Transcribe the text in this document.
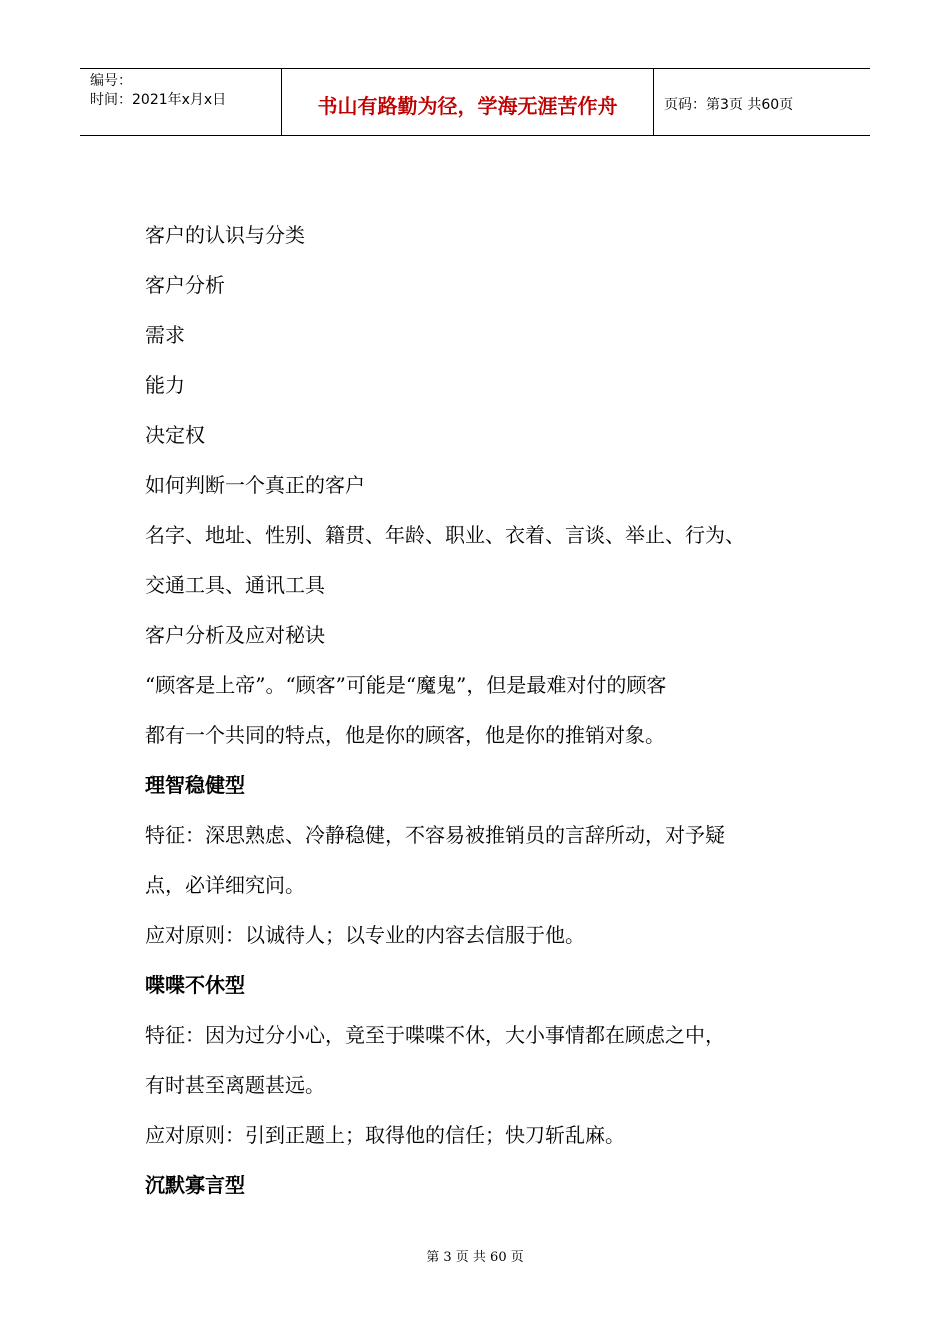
编号：
时间：2021年x月x日	书山有路勤为径，学海无涯苦作舟	页码：第3页 共60页
客户的认识与分类
客户分析
需求
能力
决定权
如何判断一个真正的客户
名字、地址、性别、籍贯、年龄、职业、衣着、言谈、举止、行为、
交通工具、通讯工具
客户分析及应对秘诀
“顾客是上帝”。“顾客”可能是“魔鬼”，但是最难对付的顾客
都有一个共同的特点，他是你的顾客，他是你的推销对象。
理智稳健型
特征：深思熟虑、冷静稳健，不容易被推销员的言辞所动，对予疑
点，必详细究问。
应对原则：以诚待人；以专业的内容去信服于他。
喋喋不休型
特征：因为过分小心，竟至于喋喋不休，大小事情都在顾虑之中，
有时甚至离题甚远。
应对原则：引到正题上；取得他的信任；快刀斩乱麻。
沉默寡言型
第 3 页 共 60 页
